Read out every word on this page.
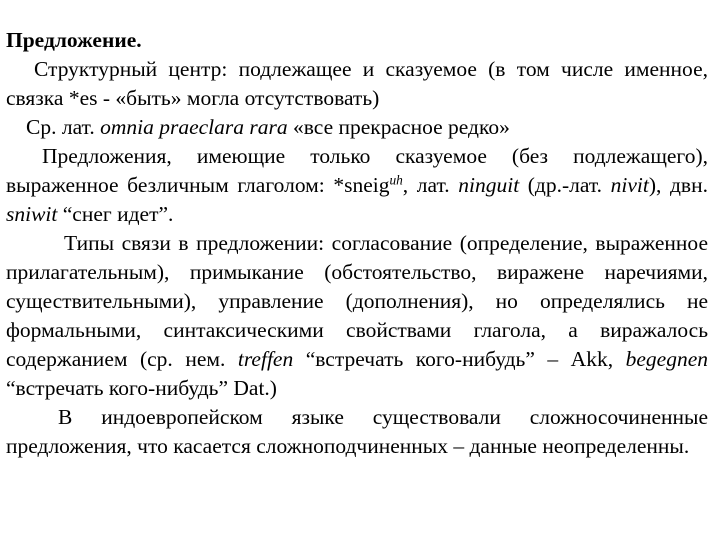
Предложение.

Структурный центр: подлежащее и сказуемое (в том числе именное, связка *es - «быть» могла отсутствовать)

Ср. лат. omnia praeclara rara «все прекрасное редко»

Предложения, имеющие только сказуемое (без подлежащего), выраженное безличным глаголом: *sneig$^{uh}$, лат. ninguit (др.-лат. nivit), двн. sniwit “снег идет”.

Типы связи в предложении: согласование (определение, выраженное прилагательным), примыкание (обстоятельство, виражене наречиями, существительными), управление (дополнения), но определялись не формальными, синтаксическими свойствами глагола, а виражалось содержанием (ср. нем. treffen “встречать кого-нибудь” – Akk, begegnen “встречать кого-нибудь” Dat.)

В индоевропейском языке существовали сложносочиненные предложения, что касается сложноподчиненных – данные неопределенны.
